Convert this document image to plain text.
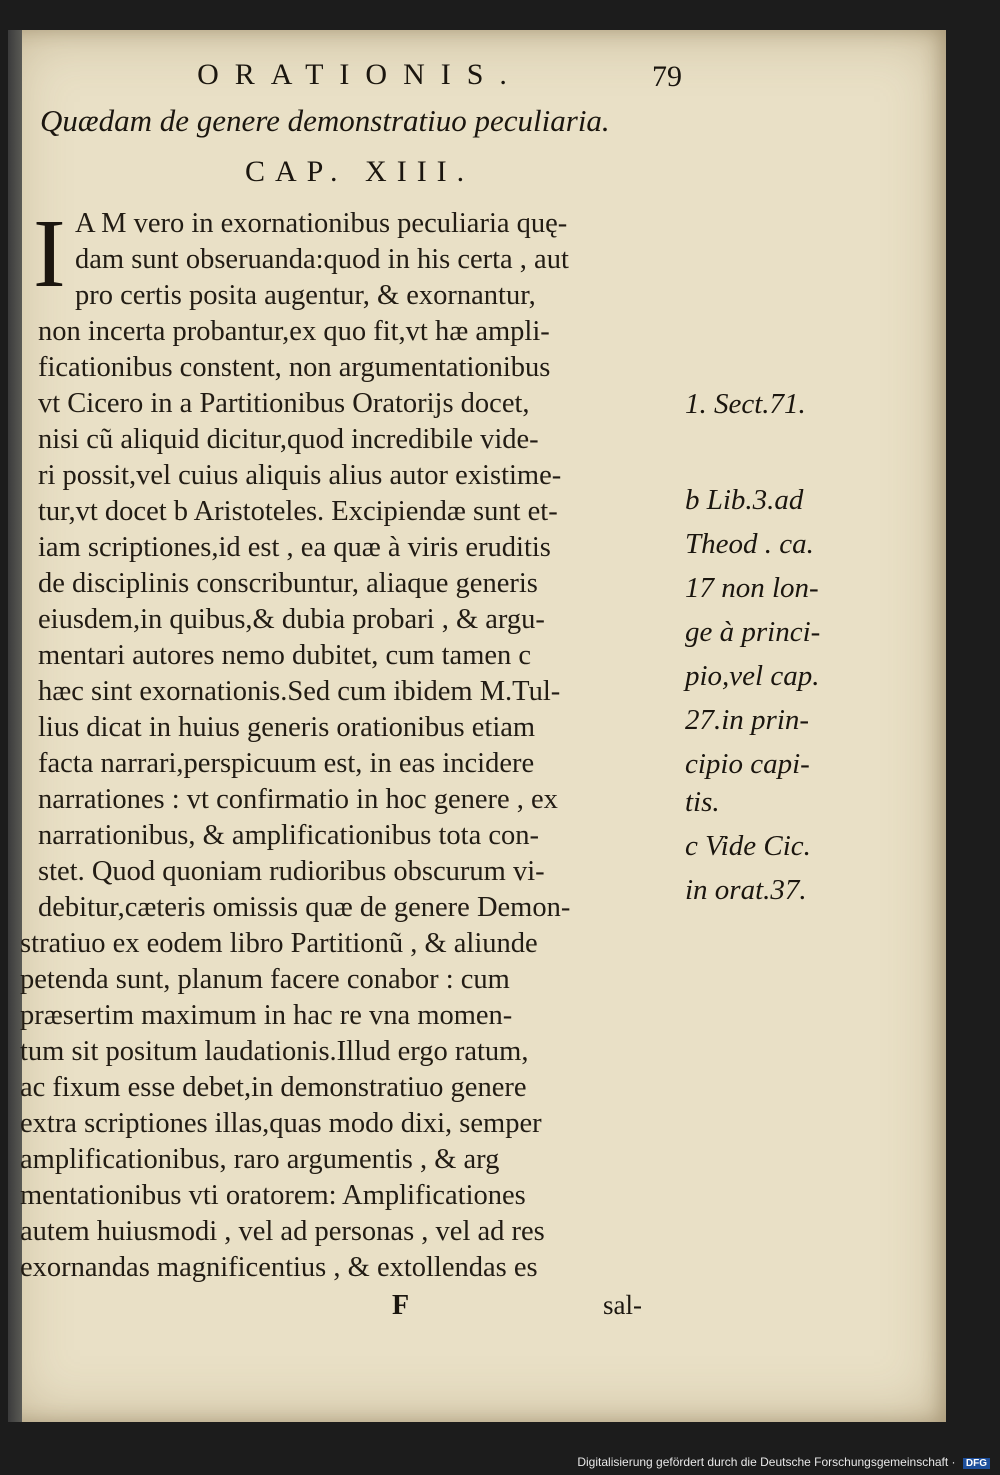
ORATIONIS.	79
Quædam de genere demonstratiuo peculiaria.
CAP. XIII.
I A M vero in exornationibus peculiaria quę-
dam sunt obseruanda:quod in his certa , aut
pro certis posita augentur, & exornantur,
non incerta probantur,ex quo fit,vt hæ ampli-
ficationibus constent, non argumentationibus
vt Cicero in a Partitionibus Oratorijs docet,
nisi cũ aliquid dicitur,quod incredibile vide-
ri possit,vel cuius aliquis alius autor existime-
tur,vt docet b Aristoteles. Excipiendæ sunt et-
iam scriptiones,id est , ea quæ à viris eruditis
de disciplinis conscribuntur, aliaque generis
eiusdem,in quibus,& dubia probari , & argu-
mentari autores nemo dubitet, cum tamen c
hæc sint exornationis.Sed cum ibidem M.Tul-
lius dicat in huius generis orationibus etiam
facta narrari,perspicuum est, in eas incidere
narrationes : vt confirmatio in hoc genere , ex
narrationibus, & amplificationibus tota con-
stet. Quod quoniam rudioribus obscurum vi-
debitur,cæteris omissis quæ de genere Demon-
stratiuo ex eodem libro Partitionũ , & aliunde
petenda sunt, planum facere conabor : cum
præsertim maximum in hac re vna momen-
tum sit positum laudationis.Illud ergo ratum,
ac fixum esse debet,in demonstratiuo genere
extra scriptiones illas,quas modo dixi, semper
amplificationibus, raro argumentis , & arg
mentationibus vti oratorem: Amplificationes
autem huiusmodi , vel ad personas , vel ad res
exornandas magnificentius , & extollendas es
1. Sect.71.
b Lib.3.ad
Theod . ca.
17 non lon-
ge à princi-
pio,vel cap.
27.in prin-
cipio capi-
tis.
c Vide Cic.
in orat.37.
F	sal-
Digitalisierung gefördert durch die Deutsche Forschungsgemeinschaft · DFG
